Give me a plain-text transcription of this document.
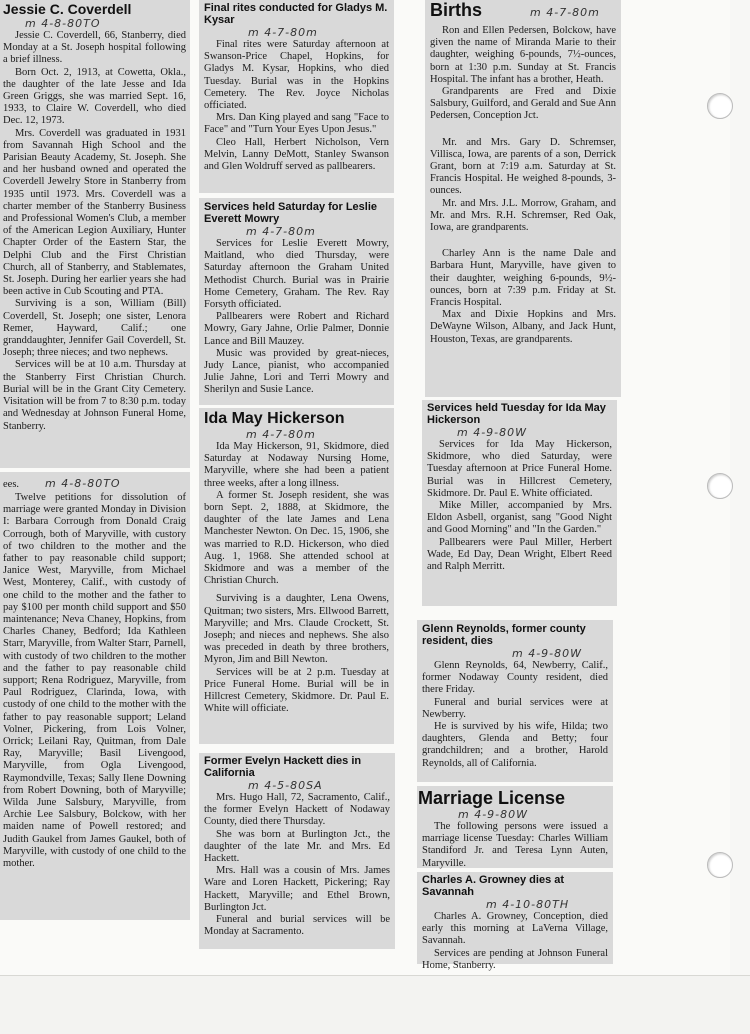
Jessie C. Coverdell
m 4-8-80TO

Jessie C. Coverdell, 66, Stanberry, died Monday at a St. Joseph hospital following a brief illness.

Born Oct. 2, 1913, at Cowetta, Okla., the daughter of the late Jesse and Ida Green Griggs, she was married Sept. 16, 1933, to Claire W. Coverdell, who died Dec. 12, 1973.

Mrs. Coverdell was graduated in 1931 from Savannah High School and the Parisian Beauty Academy, St. Joseph. She and her husband owned and operated the Coverdell Jewelry Store in Stanberry from 1935 until 1973. Mrs. Coverdell was a charter member of the Stanberry Business and Professional Women's Club, a member of the American Legion Auxiliary, Hunter Chapter Order of the Eastern Star, the Delphi Club and the First Christian Church, all of Stanberry, and Stablemates, St. Joseph. During her earlier years she had been active in Cub Scouting and PTA.

Surviving is a son, William (Bill) Coverdell, St. Joseph; one sister, Lenora Remer, Hayward, Calif.; one granddaughter, Jennifer Gail Coverdell, St. Joseph; three nieces; and two nephews.

Services will be at 10 a.m. Thursday at the Stanberry First Christian Church. Burial will be in the Grant City Cemetery. Visitation will be from 7 to 8:30 p.m. today and Wednesday at Johnson Funeral Home, Stanberry.

ees. m 4-8-80TO

Twelve petitions for dissolution of marriage were granted Monday in Division I: Barbara Corrough from Donald Craig Corrough, both of Maryville, with custory of two children to the mother and the father to pay reasonable child support; Janice West, Maryville, from Michael West, Monterey, Calif., with custody of one child to the mother and the father to pay $100 per month child support and $50 maintenance; Neva Chaney, Hopkins, from Charles Chaney, Bedford; Ida Kathleen Starr, Maryville, from Walter Starr, Parnell, with custody of two children to the mother and the father to pay reasonable child support; Rena Rodriguez, Maryville, from Paul Rodriguez, Clarinda, Iowa, with custody of one child to the mother with the father to pay reasonable support; Leland Volner, Pickering, from Lois Volner, Orrick; Leilani Ray, Quitman, from Dale Ray, Maryville; Basil Livengood, Maryville, from Ogla Livengood, Raymondville, Texas; Sally Ilene Downing from Robert Downing, both of Maryville; Wilda June Salsbury, Maryville, from Archie Lee Salsbury, Bolckow, with her maiden name of Powell restored; and Judith Gaukel from James Gaukel, both of Maryville, with custody of one child to the mother.

Final rites conducted for Gladys M. Kysar
m 4-7-80m

Final rites were Saturday afternoon at Swanson-Price Chapel, Hopkins, for Gladys M. Kysar, Hopkins, who died Tuesday. Burial was in the Hopkins Cemetery. The Rev. Joyce Nicholas officiated.

Mrs. Dan King played and sang "Face to Face" and "Turn Your Eyes Upon Jesus."

Cleo Hall, Herbert Nicholson, Vern Melvin, Lanny DeMott, Stanley Swanson and Glen Woldruff served as pallbearers.

Services held Saturday for Leslie Everett Mowry
m 4-7-80m

Services for Leslie Everett Mowry, Maitland, who died Thursday, were Saturday afternoon the Graham United Methodist Church. Burial was in Prairie Home Cemetery, Graham. The Rev. Ray Forsyth officiated.

Pallbearers were Robert and Richard Mowry, Gary Jahne, Orlie Palmer, Donnie Lance and Bill Mauzey.

Music was provided by great-nieces, Judy Lance, pianist, who accompanied Julie Jahne, Lori and Terri Mowry and Sherilyn and Susie Lance.

Ida May Hickerson
m 4-7-80m

Ida May Hickerson, 91, Skidmore, died Saturday at Nodaway Nursing Home, Maryville, where she had been a patient three weeks, after a long illness.

A former St. Joseph resident, she was born Sept. 2, 1888, at Skidmore, the daughter of the late James and Lena Manchester Newton. On Dec. 15, 1906, she was married to R.D. Hickerson, who died Aug. 1, 1968. She attended school at Skidmore and was a member of the Christian Church.

Surviving is a daughter, Lena Owens, Quitman; two sisters, Mrs. Ellwood Barrett, Maryville; and Mrs. Claude Crockett, St. Joseph; and nieces and nephews. She also was preceded in death by three brothers, Myron, Jim and Bill Newton.

Services will be at 2 p.m. Tuesday at Price Funeral Home. Burial will be in Hillcrest Cemetery, Skidmore. Dr. Paul E. White will officiate.

Former Evelyn Hackett dies in California
m 4-5-80SA

Mrs. Hugo Hall, 72, Sacramento, Calif., the former Evelyn Hackett of Nodaway County, died there Thursday.

She was born at Burlington Jct., the daughter of the late Mr. and Mrs. Ed Hackett.

Mrs. Hall was a cousin of Mrs. James Ware and Loren Hackett, Pickering; Ray Hackett, Maryville; and Ethel Brown, Burlington Jct.

Funeral and burial services will be Monday at Sacramento.

Births	m 4-7-80m

Ron and Ellen Pedersen, Bolckow, have given the name of Miranda Marie to their daughter, weighing 6-pounds, 7½-ounces, born at 1:30 p.m. Sunday at St. Francis Hospital. The infant has a brother, Heath.

Grandparents are Fred and Dixie Salsbury, Guilford, and Gerald and Sue Ann Pedersen, Conception Jct.

Mr. and Mrs. Gary D. Schremser, Villisca, Iowa, are parents of a son, Derrick Grant, born at 7:19 a.m. Saturday at St. Francis Hospital. He weighed 8-pounds, 3-ounces.

Mr. and Mrs. J.L. Morrow, Graham, and Mr. and Mrs. R.H. Schremser, Red Oak, Iowa, are grandparents.

Charley Ann is the name Dale and Barbara Hunt, Maryville, have given to their daughter, weighing 6-pounds, 9½-ounces, born at 7:39 p.m. Friday at St. Francis Hospital.

Max and Dixie Hopkins and Mrs. DeWayne Wilson, Albany, and Jack Hunt, Houston, Texas, are grandparents.

Services held Tuesday for Ida May Hickerson
m 4-9-80W

Services for Ida May Hickerson, Skidmore, who died Saturday, were Tuesday afternoon at Price Funeral Home. Burial was in Hillcrest Cemetery, Skidmore. Dr. Paul E. White officiated.

Mike Miller, accompanied by Mrs. Eldon Asbell, organist, sang "Good Night and Good Morning" and "In the Garden."

Pallbearers were Paul Miller, Herbert Wade, Ed Day, Dean Wright, Elbert Reed and Ralph Merritt.

Glenn Reynolds, former county resident, dies
m 4-9-80W

Glenn Reynolds, 64, Newberry, Calif., former Nodaway County resident, died there Friday.

Funeral and burial services were at Newberry.

He is survived by his wife, Hilda; two daughters, Glenda and Betty; four grandchildren; and a brother, Harold Reynolds, all of California.

Marriage License
m 4-9-80W

The following persons were issued a marriage license Tuesday: Charles William Standiford Jr. and Teresa Lynn Auten, Maryville.

Charles A. Growney dies at Savannah
m 4-10-80TH

Charles A. Growney, Conception, died early this morning at LaVerna Village, Savannah.

Services are pending at Johnson Funeral Home, Stanberry.
